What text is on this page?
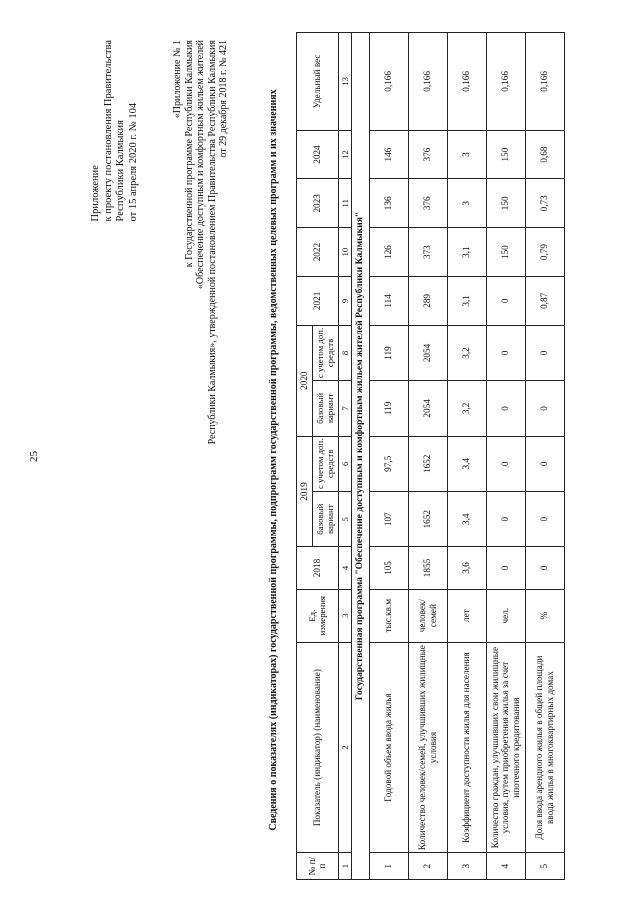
25
Приложение к проекту постановления Правительства Республики Калмыкия от 15 апреля 2020 г. № 104
«Приложение № 1 к Государственной программе Республики Калмыкия «Обеспечение доступным и комфортным жильем жителей Республики Калмыкия», утвержденной постановлением Правительства Республики Калмыкия от 29 декабря 2018 г. № 421	Сведения о показателях (индикаторах) государственной программы, подпрограмм государственной программы, ведомственных целевых программ и их значениях
№ п/п	Показатель (индикатор) (наименование)	Ед. измерения	2018	2019		2020		2021	2022	2023	2024	Удельный вес
				базовый вариант	с учетом доп. средств	базовый вариант	с учетом доп. средств					
1	2	3	4	5	6	7	8	9	10	11	12	13
Государственная программа "Обеспечение доступным и комфортным жильем жителей Республики Калмыкия"												
1	Годовой объем ввода жилья	тыс.кв.м	105	107	97,5	119	119	114	126	136	146	0,166
2	Количество человек/семей, улучшивших жилищные условия	человек/семей	1855	1652	1652	2054	2054	289	373	376	376	0,166
3	Коэффициент доступности жилья для населения	лет	3,6	3,4	3,4	3,2	3,2	3,1	3,1	3	3	0,166
4	Количество граждан, улучшивших свои жилищные условия, путем приобретения жилья за счет ипотечного кредитования	чел.	0	0	0	0	0	0	150	150	150	0,166
5	Доля ввода арендного жилья в общей площади ввода жилья в многоквартирных домах	%	0	0	0	0	0	0,87	0,79	0,73	0,68	0,166
